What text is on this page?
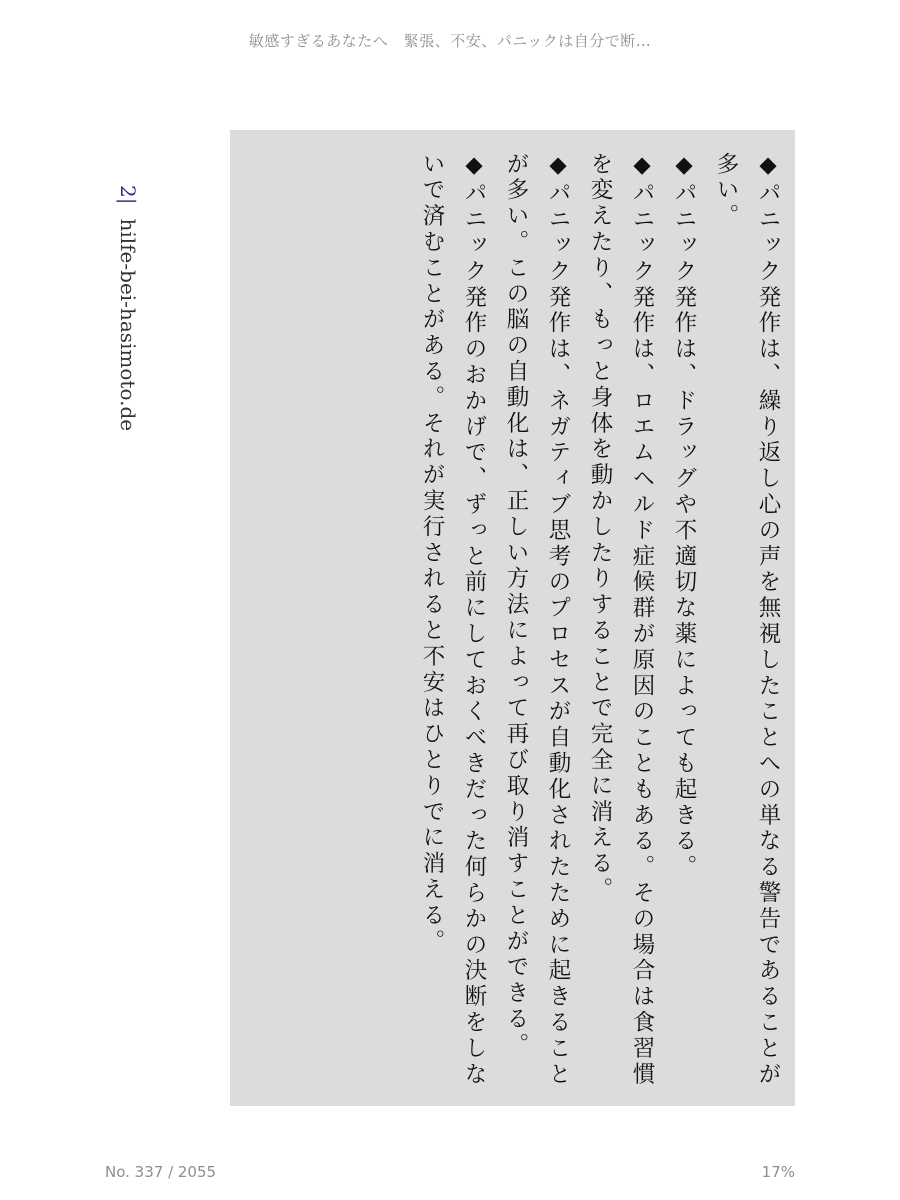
敏感すぎるあなたへ　緊張、不安、パニックは自分で断…
2|hilfe-bei-hasimoto.de	◆パニック発作は、繰り返し心の声を無視したことへの単なる警告であることが多い。

◆パニック発作は、ドラッグや不適切な薬によっても起きる。

◆パニック発作は、ロエムヘルド症候群が原因のこともある。その場合は食習慣を変えたり、もっと身体を動かしたりすることで完全に消える。

◆パニック発作は、ネガティブ思考のプロセスが自動化されたために起きることが多い。この脳の自動化は、正しい方法によって再び取り消すことができる。

◆パニック発作のおかげで、ずっと前にしておくべきだった何らかの決断をしないで済むことがある。それが実行されると不安はひとりでに消える。

No. 337 / 2055	17%
